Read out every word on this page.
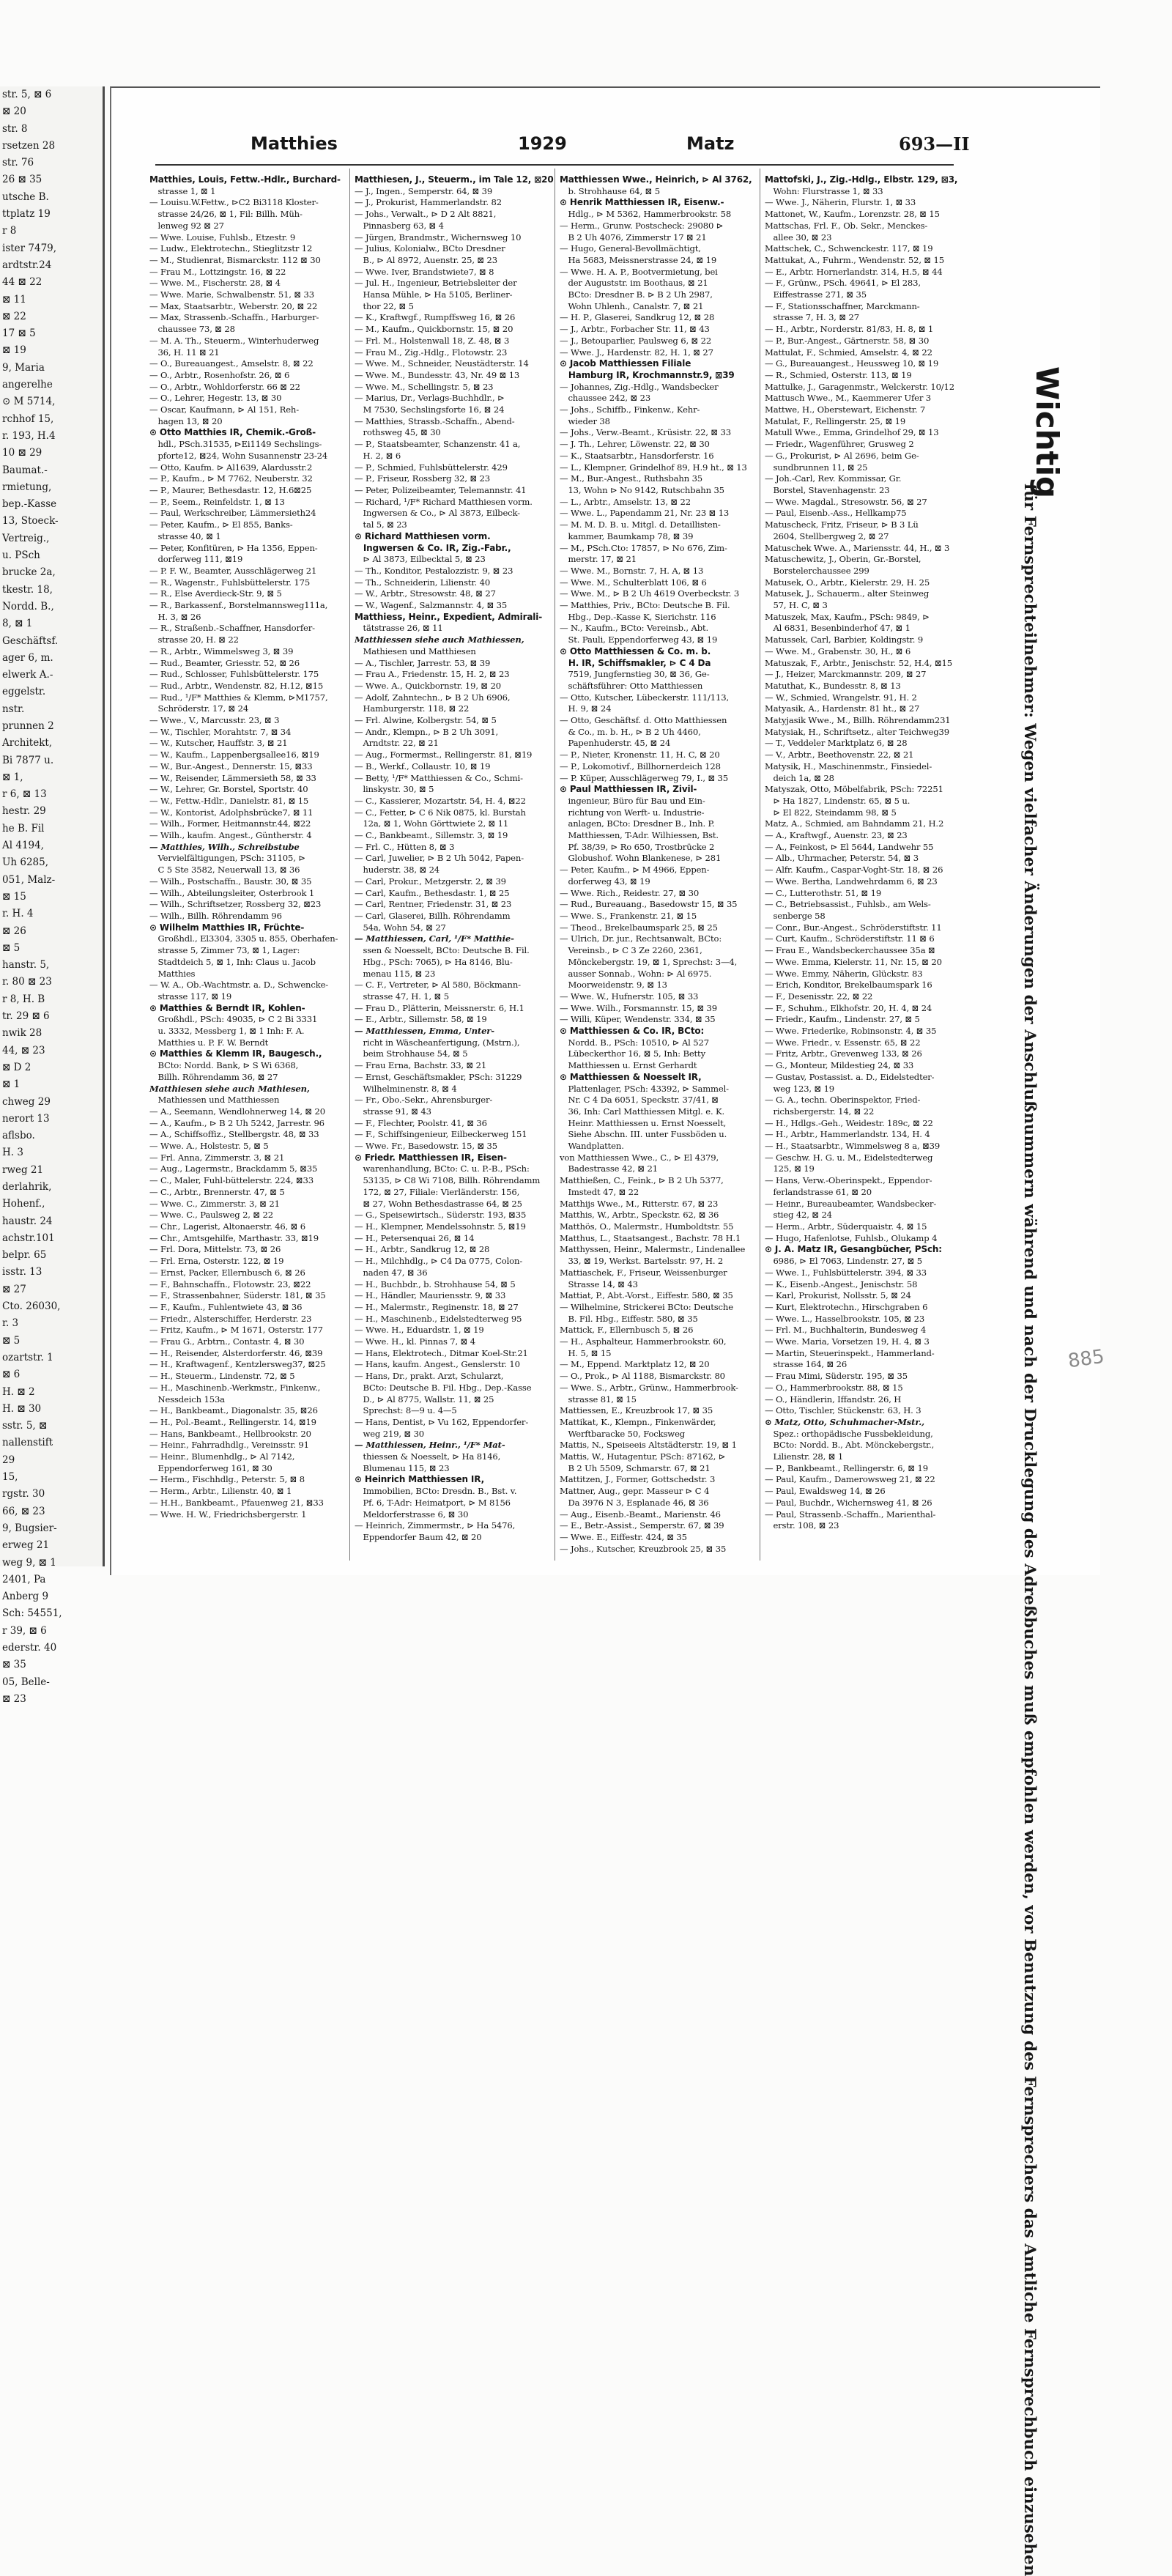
str. 5, ⊠ 6
⊠ 20
str. 8
rsetzen 28
str. 76
26 ⊠ 35
utsche B.
ttplatz 19
r 8
ister 7479,
ardtstr.24
44 ⊠ 22
⊠ 11
⊠ 22
17 ⊠ 5
⊠ 19
9, Maria
angerelhe
⊙ M 5714,
rchhof 15,
r. 193, H.4
10 ⊠ 29
Baumat.-
rmietung,
bep.-Kasse
13, Stoeck-
Vertreig.,
u. PSch
brucke 2a,
tkestr. 18,
Nordd. B.,
8, ⊠ 1
Geschäftsf.
ager 6, m.
elwerk A.-
eggelstr.
nstr.
prunnen 2
Architekt,
Bi 7877 u.
⊠ 1,
r 6, ⊠ 13
hestr. 29
he B. Fil
Al 4194,
Uh 6285,
051, Malz-
⊠ 15
r. H. 4
⊠ 26
⊠ 5
hanstr. 5,
r. 80 ⊠ 23
r 8, H. B
tr. 29 ⊠ 6
nwik 28
44, ⊠ 23
⊠ D 2
⊠ 1
chweg 29
nerort 13
aflsbo.
H. 3
rweg 21
derlahrik,
Hohenf.,
haustr. 24
achstr.101
belpr. 65
isstr. 13
⊠ 27
Cto. 26030,
r. 3
⊠ 5
ozartstr. 1
⊠ 6
H. ⊠ 2
H. ⊠ 30
sstr. 5, ⊠
nallenstift
29
15,
rgstr. 30
66, ⊠ 23
9, Bugsier-
erweg 21
weg 9, ⊠ 1
2401, Pa
Anberg 9
Sch: 54551,
r 39, ⊠ 6
ederstr. 40
⊠ 35
05, Belle-
⊠ 23
Matthies	1929	Matz	693—II
Matthies, Louis, Fettw.-Hdlr., Burchard-
 strasse 1, ⊠ 1
— Louisu.W.Fettw., ⊳C2 Bi3118 Kloster-
 strasse 24/26, ⊠ 1, Fil: Billh. Müh-
 lenweg 92 ⊠ 27
— Wwe. Louise, Fuhlsb., Etzestr. 9
— Ludw., Elektrotechn., Stieglitzstr 12
— M., Studienrat, Bismarckstr. 112 ⊠ 30
— Frau M., Lottzingstr. 16, ⊠ 22
— Wwe. M., Fischerstr. 28, ⊠ 4
— Wwe. Marie, Schwalbenstr. 51, ⊠ 33
— Max, Staatsarbtr., Weberstr. 20, ⊠ 22
— Max, Strassenb.-Schaffn., Harburger-
 chaussee 73, ⊠ 28
— M. A. Th., Steuerm., Winterhuderweg
 36, H. 11 ⊠ 21
— O., Bureauangest., Amselstr. 8, ⊠ 22
— O., Arbtr., Rosenhofstr. 26, ⊠ 6
— O., Arbtr., Wohldorferstr. 66 ⊠ 22
— O., Lehrer, Hegestr. 13, ⊠ 30
— Oscar, Kaufmann, ⊳ Al 151, Reh-
 hagen 13, ⊠ 20
⊙ Otto Matthies IR, Chemik.-Groß-
 hdl., PSch.31535, ⊳Ei1149 Sechslings-
 pforte12, ⊠24, Wohn Susannenstr 23-24
— Otto, Kaufm. ⊳ Al1639, Alardusstr.2
— P., Kaufm., ⊳ M 7762, Neuberstr. 32
— P., Maurer, Bethesdastr. 12, H.6⊠25
— P., Seem., Reinfeldstr. 1, ⊠ 13
— Paul, Werkschreiber, Lämmersieth24
— Peter, Kaufm., ⊳ El 855, Banks-
 strasse 40, ⊠ 1
— Peter, Konfitüren, ⊳ Ha 1356, Eppen-
 dorferweg 111, ⊠19
— P. F. W., Beamter, Ausschlägerweg 21
— R., Wagenstr., Fuhlsbüttelerstr. 175
— R., Else Averdieck-Str. 9, ⊠ 5
— R., Barkassenf., Borstelmannsweg111a,
 H. 3, ⊠ 26
— R., Straßenb.-Schaffner, Hansdorfer-
 strasse 20, H. ⊠ 22
— R., Arbtr., Wimmelsweg 3, ⊠ 39
— Rud., Beamter, Griesstr. 52, ⊠ 26
— Rud., Schlosser, Fuhlsbüttelerstr. 175
— Rud., Arbtr., Wendenstr. 82, H.12, ⊠15
— Rud., ¹/F* Matthies & Klemm, ⊳M1757,
 Schröderstr. 17, ⊠ 24
— Wwe., V., Marcusstr. 23, ⊠ 3
— W., Tischler, Morahtstr. 7, ⊠ 34
— W., Kutscher, Hauffstr. 3, ⊠ 21
— W., Kaufm., Lappenbergsallee16, ⊠19
— W., Bur.-Angest., Dennerstr. 15, ⊠33
— W., Reisender, Lämmersieth 58, ⊠ 33
— W., Lehrer, Gr. Borstel, Sportstr. 40
— W., Fettw.-Hdlr., Danielstr. 81, ⊠ 15
— W., Kontorist, Adolphsbrücke7, ⊠ 11
— Wilh., Former, Heitmannstr.44, ⊠22
— Wilh., kaufm. Angest., Güntherstr. 4
— Matthies, Wilh., Schreibstube
 Vervielfältigungen, PSch: 31105, ⊳
 C 5 Ste 3582, Neuerwall 13, ⊠ 36
— Wilh., Postschaffn., Baustr. 30, ⊠ 35
— Wilh., Abteilungsleiter, Osterbrook 1
— Wilh., Schriftsetzer, Rossberg 32, ⊠23
— Wilh., Billh. Röhrendamm 96
⊙ Wilhelm Matthies IR, Früchte-
 Großhdl., El3304, 3305 u. 855, Oberhafen-
 strasse 5, Zimmer 73, ⊠ 1, Lager:
 Stadtdeich 5, ⊠ 1, Inh: Claus u. Jacob
 Matthies
— W. A., Ob.-Wachtmstr. a. D., Schwencke-
 strasse 117, ⊠ 19
⊙ Matthies & Berndt IR, Kohlen-
 Großhdl., PSch: 49035, ⊳ C 2 Bi 3331
 u. 3332, Messberg 1, ⊠ 1 Inh: F. A.
 Matthies u. P. F. W. Berndt
⊙ Matthies & Klemm IR, Baugesch.,
 BCto: Nordd. Bank, ⊳ S Wi 6368,
 Billh. Röhrendamm 36, ⊠ 27
Matthiesen siehe auch Mathiesen,
 Mathiessen und Matthiessen
— A., Seemann, Wendlohnerweg 14, ⊠ 20
— A., Kaufm., ⊳ B 2 Uh 5242, Jarrestr. 96
— A., Schiffsoffiz., Stellbergstr. 48, ⊠ 33
— Wwe. A., Holstestr. 5, ⊠ 5
— Frl. Anna, Zimmerstr. 3, ⊠ 21
— Aug., Lagermstr., Brackdamm 5, ⊠35
— C., Maler, Fuhl-büttelerstr. 224, ⊠33
— C., Arbtr., Brennerstr. 47, ⊠ 5
— Wwe. C., Zimmerstr. 3, ⊠ 21
— Wwe. C., Paulsweg 2, ⊠ 22
— Chr., Lagerist, Altonaerstr. 46, ⊠ 6
— Chr., Amtsgehilfe, Marthastr. 33, ⊠19
— Frl. Dora, Mittelstr. 73, ⊠ 26
— Frl. Erna, Osterstr. 122, ⊠ 19
— Ernst, Packer, Ellernbusch 6, ⊠ 26
— F., Bahnschaffn., Flotowstr. 23, ⊠22
— F., Strassenbahner, Süderstr. 181, ⊠ 35
— F., Kaufm., Fuhlentwiete 43, ⊠ 36
— Friedr., Alsterschiffer, Herderstr. 23
— Fritz, Kaufm., ⊳ M 1671, Osterstr. 177
— Frau G., Arbtrn., Contastr. 4, ⊠ 30
— H., Reisender, Alsterdorferstr. 46, ⊠39
— H., Kraftwagenf., Kentzlersweg37, ⊠25
— H., Steuerm., Lindenstr. 72, ⊠ 5
— H., Maschinenb.-Werkmstr., Finkenw.,
 Nessdeich 153a
— H., Bankbeamt., Diagonalstr. 35, ⊠26
— H., Pol.-Beamt., Rellingerstr. 14, ⊠19
— Hans, Bankbeamt., Hellbrookstr. 20
— Heinr., Fahrradhdlg., Vereinsstr. 91
— Heinr., Blumenhdlg., ⊳ Al 7142,
 Eppendorferweg 161, ⊠ 30
— Herm., Fischhdlg., Peterstr. 5, ⊠ 8
— Herm., Arbtr., Lilienstr. 40, ⊠ 1
— H.H., Bankbeamt., Pfauenweg 21, ⊠33
— Wwe. H. W., Friedrichsbergerstr. 1
Matthiesen, J., Steuerm., im Tale 12, ⊠20
— J., Ingen., Semperstr. 64, ⊠ 39
— J., Prokurist, Hammerlandstr. 82
— Johs., Verwalt., ⊳ D 2 Alt 8821,
 Pinnasberg 63, ⊠ 4
— Jürgen, Brandmstr., Wichernsweg 10
— Julius, Kolonialw., BCto Dresdner
 B., ⊳ Al 8972, Auenstr. 25, ⊠ 23
— Wwe. Iver, Brandstwiete7, ⊠ 8
— Jul. H., Ingenieur, Betriebsleiter der
 Hansa Mühle, ⊳ Ha 5105, Berliner-
 thor 22, ⊠ 5
— K., Kraftwgf., Rumpffsweg 16, ⊠ 26
— M., Kaufm., Quickbornstr. 15, ⊠ 20
— Frl. M., Holstenwall 18, Z. 48, ⊠ 3
— Frau M., Zig.-Hdlg., Flotowstr. 23
— Wwe. M., Schneider, Neustädterstr. 14
— Wwe. M., Bundesstr. 43, Nr. 49 ⊠ 13
— Wwe. M., Schellingstr. 5, ⊠ 23
— Marius, Dr., Verlags-Buchhdlr., ⊳
 M 7530, Sechslingsforte 16, ⊠ 24
— Matthies, Strassb.-Schaffn., Abend-
 rothsweg 45, ⊠ 30
— P., Staatsbeamter, Schanzenstr. 41 a,
 H. 2, ⊠ 6
— P., Schmied, Fuhlsbüttelerstr. 429
— P., Friseur, Rossberg 32, ⊠ 23
— Peter, Polizeibeamter, Telemannstr. 41
— Richard, ¹/F* Richard Matthiesen vorm.
 Ingwersen & Co., ⊳ Al 3873, Eilbeck-
 tal 5, ⊠ 23
⊙ Richard Matthiesen vorm.
 Ingwersen & Co. IR, Zig.-Fabr.,
 ⊳ Al 3873, Eilbecktal 5, ⊠ 23
— Th., Konditor, Pestalozzistr. 9, ⊠ 23
— Th., Schneiderin, Lilienstr. 40
— W., Arbtr., Stresowstr. 48, ⊠ 27
— W., Wagenf., Salzmannstr. 4, ⊠ 35
Matthiess, Heinr., Expedient, Admirali-
 tätstrasse 26, ⊠ 11
Matthiessen siehe auch Mathiessen,
 Mathiesen und Matthiesen
— A., Tischler, Jarrestr. 53, ⊠ 39
— Frau A., Friedenstr. 15, H. 2, ⊠ 23
— Wwe. A., Quickbornstr. 19, ⊠ 20
— Adolf, Zahntechn., ⊳ B 2 Uh 6906,
 Hamburgerstr. 118, ⊠ 22
— Frl. Alwine, Kolbergstr. 54, ⊠ 5
— Andr., Klempn., ⊳ B 2 Uh 3091,
 Arndtstr. 22, ⊠ 21
— Aug., Formermst., Rellingerstr. 81, ⊠19
— B., Werkf., Collaustr. 10, ⊠ 19
— Betty, ¹/F* Matthiessen & Co., Schmi-
 linskystr. 30, ⊠ 5
— C., Kassierer, Mozartstr. 54, H. 4, ⊠22
— C., Fetter, ⊳ C 6 Nik 0875, kl. Burstah
 12a, ⊠ 1, Wohn Görttwiete 2, ⊠ 11
— C., Bankbeamt., Sillemstr. 3, ⊠ 19
— Frl. C., Hütten 8, ⊠ 3
— Carl, Juwelier, ⊳ B 2 Uh 5042, Papen-
 huderstr. 38, ⊠ 24
— Carl, Prokur., Metzgerstr. 2, ⊠ 39
— Carl, Kaufm., Bethesdastr. 1, ⊠ 25
— Carl, Rentner, Friedenstr. 31, ⊠ 23
— Carl, Glaserei, Billh. Röhrendamm
 54a, Wohn 54, ⊠ 27
— Matthiessen, Carl, ¹/F* Matthie-
 ssen & Noesselt, BCto: Deutsche B. Fil.
 Hbg., PSch: 7065), ⊳ Ha 8146, Blu-
 menau 115, ⊠ 23
— C. F., Vertreter, ⊳ Al 580, Böckmann-
 strasse 47, H. 1, ⊠ 5
— Frau D., Plätterin, Meissnerstr. 6, H.1
— E., Arbtr., Sillemstr. 58, ⊠ 19
— Matthiessen, Emma, Unter-
 richt in Wäscheanfertigung, (Mstrn.),
 beim Strohhause 54, ⊠ 5
— Frau Erna, Bachstr. 33, ⊠ 21
— Ernst, Geschäftsmakler, PSch: 31229
 Wilhelminenstr. 8, ⊠ 4
— Fr., Obo.-Sekr., Ahrensburger-
 strasse 91, ⊠ 43
— F., Flechter, Poolstr. 41, ⊠ 36
— F., Schiffsingenieur, Eilbeckerweg 151
— Wwe. Fr., Basedowstr. 15, ⊠ 35
⊙ Friedr. Matthiessen IR, Eisen-
 warenhandlung, BCto: C. u. P.-B., PSch:
 53135, ⊳ C8 Wi 7108, Billh. Röhrendamm
 172, ⊠ 27, Filiale: Vierländerstr. 156,
 ⊠ 27, Wohn Bethesdastrasse 64, ⊠ 25
— G., Speisewirtsch., Süderstr. 193, ⊠35
— H., Klempner, Mendelssohnstr. 5, ⊠19
— H., Petersenquai 26, ⊠ 14
— H., Arbtr., Sandkrug 12, ⊠ 28
— H., Milchhdlg., ⊳ C4 Da 0775, Colon-
 naden 47, ⊠ 36
— H., Buchbdr., b. Strohhause 54, ⊠ 5
— H., Händler, Mauriensstr. 9, ⊠ 33
— H., Malermstr., Reginenstr. 18, ⊠ 27
— H., Maschinenb., Eidelstedterweg 95
— Wwe. H., Eduardstr. 1, ⊠ 19
— Wwe. H., kl. Pinnas 7, ⊠ 4
— Hans, Elektrotech., Ditmar Koel-Str.21
— Hans, kaufm. Angest., Genslerstr. 10
— Hans, Dr., prakt. Arzt, Schularzt,
 BCto: Deutsche B. Fil. Hbg., Dep.-Kasse
 D., ⊳ Al 8775, Wallstr. 11, ⊠ 25
 Sprechst: 8—9 u. 4—5
— Hans, Dentist, ⊳ Vu 162, Eppendorfer-
 weg 219, ⊠ 30
— Matthiessen, Heinr., ¹/F* Mat-
 thiessen & Noesselt, ⊳ Ha 8146,
 Blumenau 115, ⊠ 23
⊙ Heinrich Matthiessen IR,
 Immobilien, BCto: Dresdn. B., Bst. v.
 Pf. 6, T-Adr: Heimatport, ⊳ M 8156
 Meldorferstrasse 6, ⊠ 30
— Heinrich, Zimmermstr., ⊳ Ha 5476,
 Eppendorfer Baum 42, ⊠ 20
Matthiessen Wwe., Heinrich, ⊳ Al 3762,
 b. Strohhause 64, ⊠ 5
⊙ Henrik Matthiessen IR, Eisenw.-
 Hdlg., ⊳ M 5362, Hammerbrookstr. 58
— Herm., Grunw. Postscheck: 29080 ⊳
 B 2 Uh 4076, Zimmerstr 17 ⊠ 21
— Hugo, General-Bevollmächtigt,
 Ha 5683, Meissnerstrasse 24, ⊠ 19
— Wwe. H. A. P., Bootvermietung, bei
 der Auguststr. im Boothaus, ⊠ 21
 BCto: Dresdner B. ⊳ B 2 Uh 2987,
 Wohn Uhlenh., Canalstr. 7, ⊠ 21
— H. P., Glaserei, Sandkrug 12, ⊠ 28
— J., Arbtr., Forbacher Str. 11, ⊠ 43
— J., Betouparlier, Paulsweg 6, ⊠ 22
— Wwe. J., Hardenstr. 82, H. 1, ⊠ 27
⊙ Jacob Matthiessen Filiale
 Hamburg IR, Krochmannstr.9, ⊠39
— Johannes, Zig.-Hdlg., Wandsbecker
 chaussee 242, ⊠ 23
— Johs., Schiffb., Finkenw., Kehr-
 wieder 38
— Johs., Verw.-Beamt., Krüsistr. 22, ⊠ 33
— J. Th., Lehrer, Löwenstr. 22, ⊠ 30
— K., Staatsarbtr., Hansdorferstr. 16
— L., Klempner, Grindelhof 89, H.9 ht., ⊠ 13
— M., Bur.-Angest., Ruthsbahn 35
 13, Wohn ⊳ No 9142, Rutschbahn 35
— L., Arbtr., Amselstr. 13, ⊠ 22
— Wwe. L., Papendamm 21, Nr. 23 ⊠ 13
— M. M. D. B. u. Mitgl. d. Detaillisten-
 kammer, Baumkamp 78, ⊠ 39
— M., PSch.Cto: 17857, ⊳ No 676, Zim-
 merstr. 17, ⊠ 21
— Wwe. M., Bornstr. 7, H. A, ⊠ 13
— Wwe. M., Schulterblatt 106, ⊠ 6
— Wwe. M., ⊳ B 2 Uh 4619 Overbeckstr. 3
— Matthies, Priv., BCto: Deutsche B. Fil.
 Hbg., Dep.-Kasse K, Sierichstr. 116
— N., Kaufm., BCto: Vereinsb., Abt.
 St. Pauli, Eppendorferweg 43, ⊠ 19
⊙ Otto Matthiessen & Co. m. b.
 H. IR, Schiffsmakler, ⊳ C 4 Da
 7519, Jungfernstieg 30, ⊠ 36, Ge-
 schäftsführer: Otto Matthiessen
— Otto, Kutscher, Lübeckerstr. 111/113,
 H. 9, ⊠ 24
— Otto, Geschäftsf. d. Otto Matthiessen
 & Co., m. b. H., ⊳ B 2 Uh 4460,
 Papenhuderstr. 45, ⊠ 24
— P., Nieter, Kronenstr. 11, H. C, ⊠ 20
— P., Lokomotivf., Billhornerdeich 128
— P. Küper, Ausschlägerweg 79, I., ⊠ 35
⊙ Paul Matthiessen IR, Zivil-
 ingenieur, Büro für Bau und Ein-
 richtung von Werft- u. Industrie-
 anlagen, BCto: Dresdner B., Inh. P.
 Matthiessen, T-Adr. Wilhiessen, Bst.
 Pf. 38/39, ⊳ Ro 650, Trostbrücke 2
 Globushof. Wohn Blankenese, ⊳ 281
— Peter, Kaufm., ⊳ M 4966, Eppen-
 dorferweg 43, ⊠ 19
— Wwe. Rich., Reidestr. 27, ⊠ 30
— Rud., Bureauang., Basedowstr 15, ⊠ 35
— Wwe. S., Frankenstr. 21, ⊠ 15
— Theod., Brekelbaumspark 25, ⊠ 25
— Ulrich, Dr. jur., Rechtsanwalt, BCto:
 Vereinsb., ⊳ C 3 Ze 2260, 2361,
 Mönckebergstr. 19, ⊠ 1, Sprechst: 3—4,
 ausser Sonnab., Wohn: ⊳ Al 6975.
 Moorweidenstr. 9, ⊠ 13
— Wwe. W., Hufnerstr. 105, ⊠ 33
— Wwe. Wilh., Forsmannstr. 15, ⊠ 39
— Willi, Küper, Wendenstr. 334, ⊠ 35
⊙ Matthiessen & Co. IR, BCto:
 Nordd. B., PSch: 10510, ⊳ Al 527
 Lübeckerthor 16, ⊠ 5, Inh: Betty
 Matthiessen u. Ernst Gerhardt
⊙ Matthiessen & Noesselt IR,
 Plattenlager, PSch: 43392, ⊳ Sammel-
 Nr. C 4 Da 6051, Speckstr. 37/41, ⊠
 36, Inh: Carl Matthiessen Mitgl. e. K.
 Heinr. Matthiessen u. Ernst Noesselt,
 Siehe Abschn. III. unter Fussböden u.
 Wandplatten.
von Matthiessen Wwe., C., ⊳ El 4379,
 Badestrasse 42, ⊠ 21
Matthießen, C., Feink., ⊳ B 2 Uh 5377,
 Imstedt 47, ⊠ 22
Matthijs Wwe., M., Ritterstr. 67, ⊠ 23
Matthis, W., Arbtr., Speckstr. 62, ⊠ 36
Matthös, O., Malermstr., Humboldtstr. 55
Matthus, L., Staatsangest., Bachstr. 78 H.1
Matthyssen, Heinr., Malermstr., Lindenallee
 33, ⊠ 19, Werkst. Bartelsstr. 97, H. 2
Mattiaschek, F., Friseur, Weissenburger
 Strasse 14, ⊠ 43
Mattiat, P., Abt.-Vorst., Eiffestr. 580, ⊠ 35
— Wilhelmine, Strickerei BCto: Deutsche
 B. Fil. Hbg., Eiffestr. 580, ⊠ 35
Mattick, F., Ellernbusch 5, ⊠ 26
— H., Asphalteur, Hammerbrookstr. 60,
 H. 5, ⊠ 15
— M., Eppend. Marktplatz 12, ⊠ 20
— O., Prok., ⊳ Al 1188, Bismarckstr. 80
— Wwe. S., Arbtr., Grünw., Hammerbrook-
 strasse 81, ⊠ 15
Mattiessen, E., Kreuzbrook 17, ⊠ 35
Mattikat, K., Klempn., Finkenwärder,
 Werftbaracke 50, Focksweg
Mattis, N., Speiseeis Altstädterstr. 19, ⊠ 1
Mattis, W., Hutagentur, PSch: 87162, ⊳
 B 2 Uh 5509, Schmarstr. 67, ⊠ 21
Mattitzen, J., Former, Gottschedstr. 3
Mattner, Aug., gepr. Masseur ⊳ C 4
 Da 3976 N 3, Esplanade 46, ⊠ 36
— Aug., Eisenb.-Beamt., Marienstr. 46
— E., Betr.-Assist., Semperstr. 67, ⊠ 39
— Wwe. E., Eiffestr. 424, ⊠ 35
— Johs., Kutscher, Kreuzbrook 25, ⊠ 35
Mattofski, J., Zig.-Hdlg., Elbstr. 129, ⊠3,
 Wohn: Flurstrasse 1, ⊠ 33
— Wwe. J., Näherin, Flurstr. 1, ⊠ 33
Mattonet, W., Kaufm., Lorenzstr. 28, ⊠ 15
Mattschas, Frl. F., Ob. Sekr., Menckes-
 allee 30, ⊠ 23
Mattschek, C., Schwenckestr. 117, ⊠ 19
Mattukat, A., Fuhrm., Wendenstr. 52, ⊠ 15
— E., Arbtr. Hornerlandstr. 314, H.5, ⊠ 44
— F., Grünw., PSch. 49641, ⊳ El 283,
 Eiffestrasse 271, ⊠ 35
— F., Stationsschaffner, Marckmann-
 strasse 7, H. 3, ⊠ 27
— H., Arbtr., Norderstr. 81/83, H. 8, ⊠ 1
— P., Bur.-Angest., Gärtnerstr. 58, ⊠ 30
Mattulat, F., Schmied, Amselstr. 4, ⊠ 22
— G., Bureauangest., Heussweg 10, ⊠ 19
— R., Schmied, Osterstr. 113, ⊠ 19
Mattulke, J., Garagenmstr., Welckerstr. 10/12
Mattusch Wwe., M., Kaemmerer Ufer 3
Mattwe, H., Oberstewart, Eichenstr. 7
Matulat, F., Rellingerstr. 25, ⊠ 19
Matull Wwe., Emma, Grindelhof 29, ⊠ 13
— Friedr., Wagenführer, Grusweg 2
— G., Prokurist, ⊳ Al 2696, beim Ge-
 sundbrunnen 11, ⊠ 25
— Joh.-Carl, Rev. Kommissar, Gr.
 Borstel, Stavenhagenstr. 23
— Wwe. Magdal., Stresowstr. 56, ⊠ 27
— Paul, Eisenb.-Ass., Hellkamp75
Matuscheck, Fritz, Friseur, ⊳ B 3 Lü
 2604, Stellbergweg 2, ⊠ 27
Matuschek Wwe. A., Mariensstr. 44, H., ⊠ 3
Matuschewitz, J., Oberin, Gr.-Borstel,
 Borstelerchaussee 299
Matusek, O., Arbtr., Kielerstr. 29, H. 25
Matusek, J., Schauerm., alter Steinweg
 57, H. C, ⊠ 3
Matuszek, Max, Kaufm., PSch: 9849, ⊳
 Al 6831, Besenbinderhof 47, ⊠ 1
Matussek, Carl, Barbier, Koldingstr. 9
— Wwe. M., Grabenstr. 30, H., ⊠ 6
Matuszak, F., Arbtr., Jenischstr. 52, H.4, ⊠15
— J., Heizer, Marckmannstr. 209, ⊠ 27
Matuthat, K., Bundesstr. 8, ⊠ 13
— W., Schmied, Wrangelstr. 91, H. 2
Matyasik, A., Hardenstr. 81 ht., ⊠ 27
Matyjasik Wwe., M., Billh. Röhrendamm231
Matysiak, H., Schriftsetz., alter Teichweg39
— T., Veddeler Marktplatz 6, ⊠ 28
— V., Arbtr., Beethovenstr. 22, ⊠ 21
Matysik, H., Maschinenmstr., Finsiedel-
 deich 1a, ⊠ 28
Matyszak, Otto, Möbelfabrik, PSch: 72251
 ⊳ Ha 1827, Lindenstr. 65, ⊠ 5 u.
 ⊳ El 822, Steindamm 98, ⊠ 5
Matz, A., Schmied, am Bahndamm 21, H.2
— A., Kraftwgf., Auenstr. 23, ⊠ 23
— A., Feinkost, ⊳ El 5644, Landwehr 55
— Alb., Uhrmacher, Peterstr. 54, ⊠ 3
— Alfr. Kaufm., Caspar-Voght-Str. 18, ⊠ 26
— Wwe. Bertha, Landwehrdamm 6, ⊠ 23
— C., Lutterothstr. 51, ⊠ 19
— C., Betriebsassist., Fuhlsb., am Wels-
 senberge 58
— Conr., Bur.-Angest., Schröderstiftstr. 11
— Curt, Kaufm., Schröderstiftstr. 11 ⊠ 6
— Frau E., Wandsbeckerchaussee 35a ⊠
— Wwe. Emma, Kielerstr. 11, Nr. 15, ⊠ 20
— Wwe. Emmy, Näherin, Glückstr. 83
— Erich, Konditor, Brekelbaumspark 16
— F., Desenisstr. 22, ⊠ 22
— F., Schuhm., Elkhofstr. 20, H. 4, ⊠ 24
— Friedr., Kaufm., Lindenstr. 27, ⊠ 5
— Wwe. Friederike, Robinsonstr. 4, ⊠ 35
— Wwe. Friedr., v. Essenstr. 65, ⊠ 22
— Fritz, Arbtr., Grevenweg 133, ⊠ 26
— G., Monteur, Mildestieg 24, ⊠ 33
— Gustav, Postassist. a. D., Eidelstedter-
 weg 123, ⊠ 19
— G. A., techn. Oberinspektor, Fried-
 richsbergerstr. 14, ⊠ 22
— H., Hdlgs.-Geh., Weidestr. 189c, ⊠ 22
— H., Arbtr., Hammerlandstr. 134, H. 4
— H., Staatsarbtr., Wimmelsweg 8 a, ⊠39
— Geschw. H. G. u. M., Eidelstedterweg
 125, ⊠ 19
— Hans, Verw.-Oberinspekt., Eppendor-
 ferlandstrasse 61, ⊠ 20
— Heinr., Bureaubeamter, Wandsbecker-
 stieg 42, ⊠ 24
— Herm., Arbtr., Süderquaistr. 4, ⊠ 15
— Hugo, Hafenlotse, Fuhlsb., Olukamp 4
⊙ J. A. Matz IR, Gesangbücher, PSch:
 6986, ⊳ El 7063, Lindenstr. 27, ⊠ 5
— Wwe. I., Fuhlsbüttelerstr. 394, ⊠ 33
— K., Eisenb.-Angest., Jenischstr. 58
— Karl, Prokurist, Nollsstr. 5, ⊠ 24
— Kurt, Elektrotechn., Hirschgraben 6
— Wwe. L., Hasselbrookstr. 105, ⊠ 23
— Frl. M., Buchhalterin, Bundesweg 4
— Wwe. Maria, Vorsetzen 19, H. 4, ⊠ 3
— Martin, Steuerinspekt., Hammerland-
 strasse 164, ⊠ 26
— Frau Mimi, Süderstr. 195, ⊠ 35
— O., Hammerbrookstr. 88, ⊠ 15
— O., Händlerin, Iffandstr. 26, H
— Otto, Tischler, Stückenstr. 63, H. 3
⊙ Matz, Otto, Schuhmacher-Mstr.,
 Spez.: orthopädische Fussbekleidung,
 BCto: Nordd. B., Abt. Mönckebergstr.,
 Lilienstr. 28, ⊠ 1
— P., Bankbeamt., Rellingerstr. 6, ⊠ 19
— Paul, Kaufm., Damerowsweg 21, ⊠ 22
— Paul, Ewaldsweg 14, ⊠ 26
— Paul, Buchdr., Wichernsweg 41, ⊠ 26
— Paul, Strassenb.-Schaffn., Marienthal-
 erstr. 108, ⊠ 23
Wichtig
für Fernsprechteilnehmer: Wegen vielfacher Änderungen der Anschlußnummern während und nach der Drucklegung des Adreßbuches muß empfohlen werden, vor Benutzung des Fernsprechers das Amtliche Fernsprechbuch einzusehen 885
